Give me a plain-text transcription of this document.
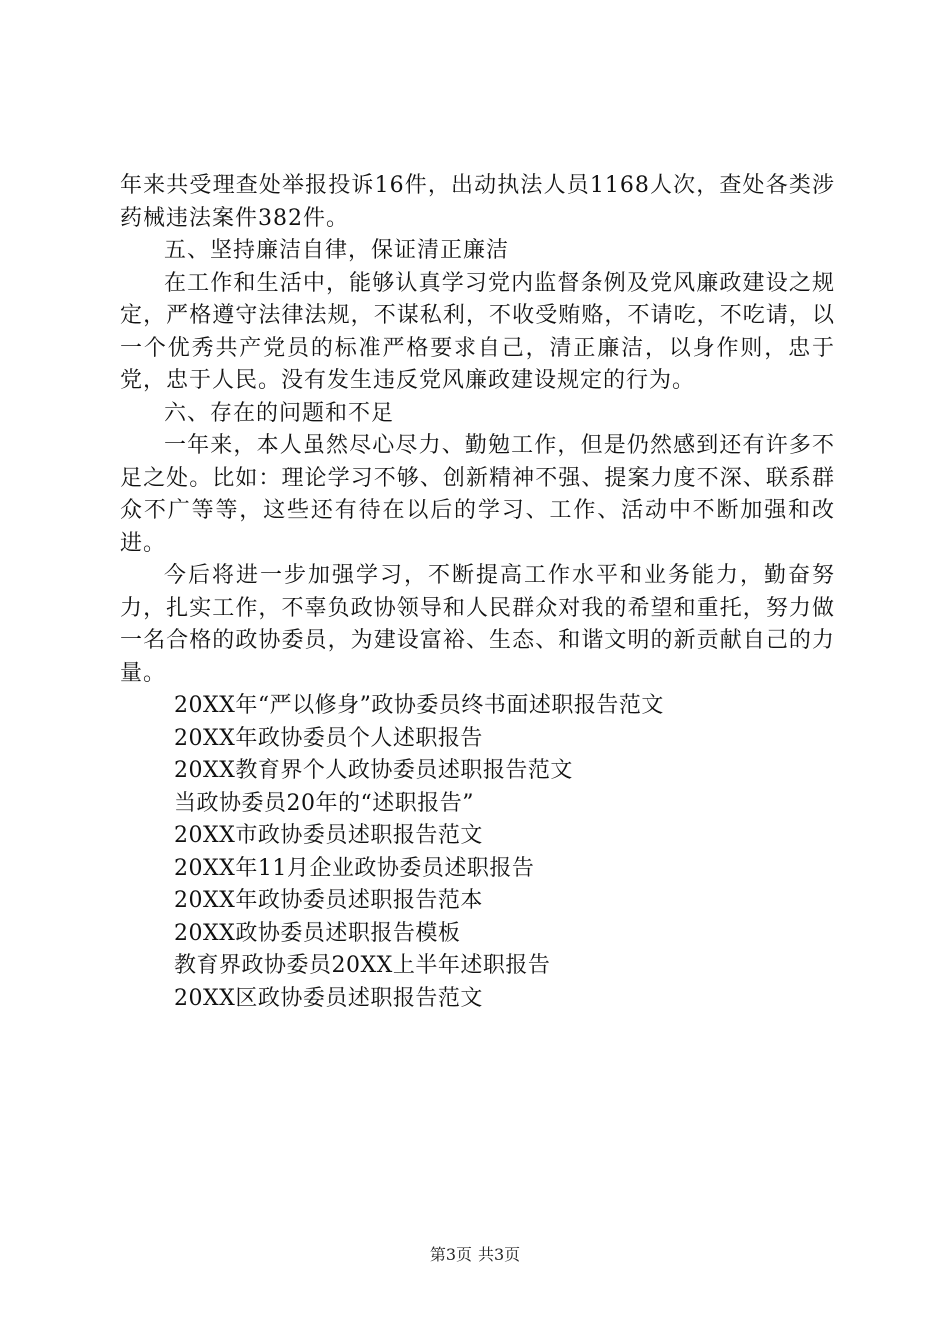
年来共受理查处举报投诉16件，出动执法人员1168人次，查处各类涉药械违法案件382件。

五、坚持廉洁自律，保证清正廉洁

在工作和生活中，能够认真学习党内监督条例及党风廉政建设之规定，严格遵守法律法规，不谋私利，不收受贿赂，不请吃，不吃请，以一个优秀共产党员的标准严格要求自己，清正廉洁，以身作则，忠于党，忠于人民。没有发生违反党风廉政建设规定的行为。

六、存在的问题和不足

一年来，本人虽然尽心尽力、勤勉工作，但是仍然感到还有许多不足之处。比如：理论学习不够、创新精神不强、提案力度不深、联系群众不广等等，这些还有待在以后的学习、工作、活动中不断加强和改进。

今后将进一步加强学习，不断提高工作水平和业务能力，勤奋努力，扎实工作，不辜负政协领导和人民群众对我的希望和重托，努力做一名合格的政协委员，为建设富裕、生态、和谐文明的新贡献自己的力量。

20XX年“严以修身”政协委员终书面述职报告范文
20XX年政协委员个人述职报告
20XX教育界个人政协委员述职报告范文
当政协委员20年的“述职报告”
20XX市政协委员述职报告范文
20XX年11月企业政协委员述职报告
20XX年政协委员述职报告范本
20XX政协委员述职报告模板
教育界政协委员20XX上半年述职报告
20XX区政协委员述职报告范文
第3页 共3页
